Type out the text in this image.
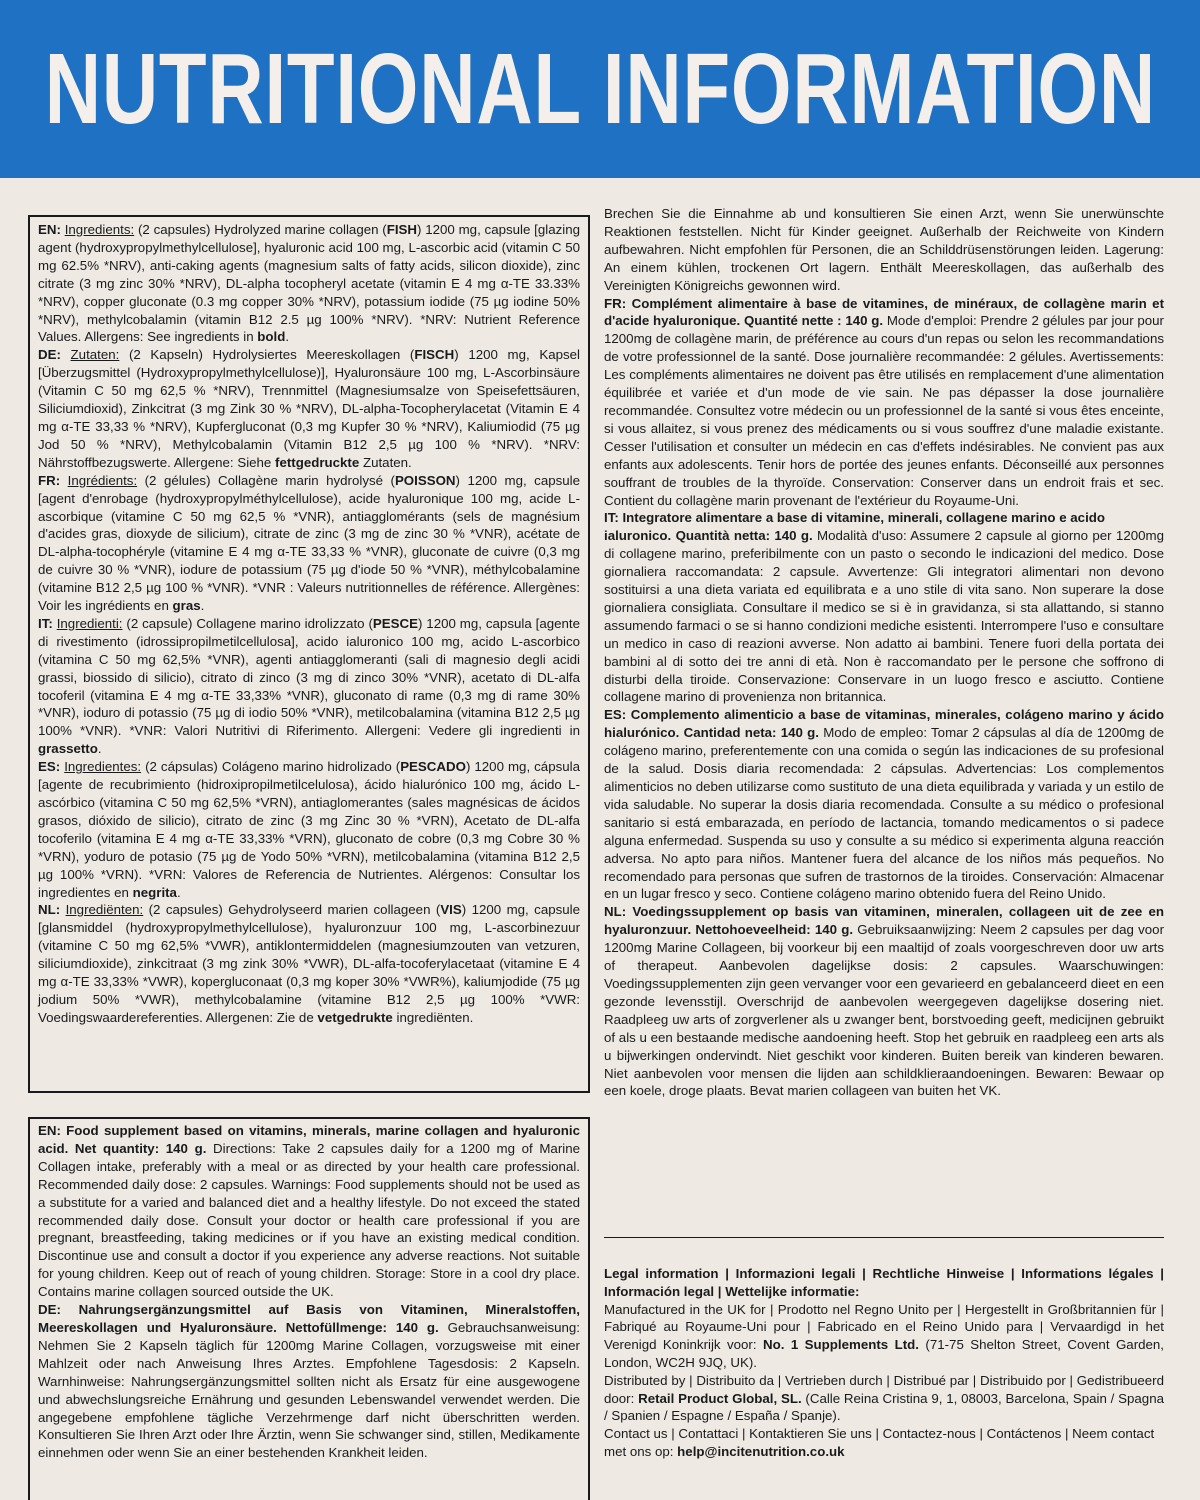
NUTRITIONAL INFORMATION

EN: Ingredients: (2 capsules) Hydrolyzed marine collagen (FISH) 1200 mg, capsule [glazing agent (hydroxypropylmethylcellulose], hyaluronic acid 100 mg, L-ascorbic acid (vitamin C 50 mg 62.5% *NRV), anti-caking agents (magnesium salts of fatty acids, silicon dioxide), zinc citrate (3 mg zinc 30% *NRV), DL-alpha tocopheryl acetate (vitamin E 4 mg α-TE 33.33% *NRV), copper gluconate (0.3 mg copper 30% *NRV), potassium iodide (75 µg iodine 50% *NRV), methylcobalamin (vitamin B12 2.5 µg 100% *NRV). *NRV: Nutrient Reference Values. Allergens: See ingredients in bold.

DE: Zutaten: (2 Kapseln) Hydrolysiertes Meereskollagen (FISCH) 1200 mg, Kapsel [Überzugsmittel (Hydroxypropylmethylcellulose)], Hyaluronsäure 100 mg, L-Ascorbinsäure (Vitamin C 50 mg 62,5 % *NRV), Trennmittel (Magnesiumsalze von Speisefettsäuren, Siliciumdioxid), Zinkcitrat (3 mg Zink 30 % *NRV), DL-alpha-Tocopherylacetat (Vitamin E 4 mg α-TE 33,33 % *NRV), Kupfergluconat (0,3 mg Kupfer 30 % *NRV), Kaliumiodid (75 µg Jod 50 % *NRV), Methylcobalamin (Vitamin B12 2,5 µg 100 % *NRV). *NRV: Nährstoffbezugswerte. Allergene: Siehe fettgedruckte Zutaten.

FR: Ingrédients: (2 gélules) Collagène marin hydrolysé (POISSON) 1200 mg, capsule [agent d'enrobage (hydroxypropylméthylcellulose), acide hyaluronique 100 mg, acide L-ascorbique (vitamine C 50 mg 62,5 % *VNR), antiagglomérants (sels de magnésium d'acides gras, dioxyde de silicium), citrate de zinc (3 mg de zinc 30 % *VNR), acétate de DL-alpha-tocophéryle (vitamine E 4 mg α-TE 33,33 % *VNR), gluconate de cuivre (0,3 mg de cuivre 30 % *VNR), iodure de potassium (75 µg d'iode 50 % *VNR), méthylcobalamine (vitamine B12 2,5 µg 100 % *VNR). *VNR : Valeurs nutritionnelles de référence. Allergènes: Voir les ingrédients en gras.

IT: Ingredienti: (2 capsule) Collagene marino idrolizzato (PESCE) 1200 mg, capsula [agente di rivestimento (idrossipropilmetilcellulosa], acido ialuronico 100 mg, acido L-ascorbico (vitamina C 50 mg 62,5% *VNR), agenti antiagglomeranti (sali di magnesio degli acidi grassi, biossido di silicio), citrato di zinco (3 mg di zinco 30% *VNR), acetato di DL-alfa tocoferil (vitamina E 4 mg α-TE 33,33% *VNR), gluconato di rame (0,3 mg di rame 30% *VNR), ioduro di potassio (75 µg di iodio 50% *VNR), metilcobalamina (vitamina B12 2,5 µg 100% *VNR). *VNR: Valori Nutritivi di Riferimento. Allergeni: Vedere gli ingredienti in grassetto.

ES: Ingredientes: (2 cápsulas) Colágeno marino hidrolizado (PESCADO) 1200 mg, cápsula [agente de recubrimiento (hidroxipropilmetilcelulosa), ácido hialurónico 100 mg, ácido L-ascórbico (vitamina C 50 mg 62,5% *VRN), antiaglomerantes (sales magnésicas de ácidos grasos, dióxido de silicio), citrato de zinc (3 mg Zinc 30 % *VRN), Acetato de DL-alfa tocoferilo (vitamina E 4 mg α-TE 33,33% *VRN), gluconato de cobre (0,3 mg Cobre 30 % *VRN), yoduro de potasio (75 µg de Yodo 50% *VRN), metilcobalamina (vitamina B12 2,5 µg 100% *VRN). *VRN: Valores de Referencia de Nutrientes. Alérgenos: Consultar los ingredientes en negrita.

NL: Ingrediënten: (2 capsules) Gehydrolyseerd marien collageen (VIS) 1200 mg, capsule [glansmiddel (hydroxypropylmethylcellulose), hyaluronzuur 100 mg, L-ascorbinezuur (vitamine C 50 mg 62,5% *VWR), antiklontermiddelen (magnesiumzouten van vetzuren, siliciumdioxide), zinkcitraat (3 mg zink 30% *VWR), DL-alfa-tocoferylacetaat (vitamine E 4 mg α-TE 33,33% *VWR), kopergluconaat (0,3 mg koper 30% *VWR%), kaliumjodide (75 µg jodium 50% *VWR), methylcobalamine (vitamine B12 2,5 µg 100% *VWR: Voedingswaardereferenties. Allergenen: Zie de vetgedrukte ingrediënten.

EN: Food supplement based on vitamins, minerals, marine collagen and hyaluronic acid. Net quantity: 140 g. Directions: Take 2 capsules daily for a 1200 mg of Marine Collagen intake, preferably with a meal or as directed by your health care professional. Recommended daily dose: 2 capsules. Warnings: Food supplements should not be used as a substitute for a varied and balanced diet and a healthy lifestyle. Do not exceed the stated recommended daily dose. Consult your doctor or health care professional if you are pregnant, breastfeeding, taking medicines or if you have an existing medical condition. Discontinue use and consult a doctor if you experience any adverse reactions. Not suitable for young children. Keep out of reach of young children. Storage: Store in a cool dry place. Contains marine collagen sourced outside the UK.

DE: Nahrungsergänzungsmittel auf Basis von Vitaminen, Mineralstoffen, Meereskollagen und Hyaluronsäure. Nettofüllmenge: 140 g. Gebrauchsanweisung: Nehmen Sie 2 Kapseln täglich für 1200mg Marine Collagen, vorzugsweise mit einer Mahlzeit oder nach Anweisung Ihres Arztes. Empfohlene Tagesdosis: 2 Kapseln. Warnhinweise: Nahrungsergänzungsmittel sollten nicht als Ersatz für eine ausgewogene und abwechslungsreiche Ernährung und gesunden Lebenswandel verwendet werden. Die angegebene empfohlene tägliche Verzehrmenge darf nicht überschritten werden. Konsultieren Sie Ihren Arzt oder Ihre Ärztin, wenn Sie schwanger sind, stillen, Medikamente einnehmen oder wenn Sie an einer bestehenden Krankheit leiden.

Brechen Sie die Einnahme ab und konsultieren Sie einen Arzt, wenn Sie unerwünschte Reaktionen feststellen. Nicht für Kinder geeignet. Außerhalb der Reichweite von Kindern aufbewahren. Nicht empfohlen für Personen, die an Schilddrüsenstörungen leiden. Lagerung: An einem kühlen, trockenen Ort lagern. Enthält Meereskollagen, das außerhalb des Vereinigten Königreichs gewonnen wird.

FR: Complément alimentaire à base de vitamines, de minéraux, de collagène marin et d'acide hyaluronique. Quantité nette : 140 g. Mode d'emploi: Prendre 2 gélules par jour pour 1200mg de collagène marin, de préférence au cours d'un repas ou selon les recommandations de votre professionnel de la santé. Dose journalière recommandée: 2 gélules. Avertissements: Les compléments alimentaires ne doivent pas être utilisés en remplacement d'une alimentation équilibrée et variée et d'un mode de vie sain. Ne pas dépasser la dose journalière recommandée. Consultez votre médecin ou un professionnel de la santé si vous êtes enceinte, si vous allaitez, si vous prenez des médicaments ou si vous souffrez d'une maladie existante. Cesser l'utilisation et consulter un médecin en cas d'effets indésirables. Ne convient pas aux enfants aux adolescents. Tenir hors de portée des jeunes enfants. Déconseillé aux personnes souffrant de troubles de la thyroïde. Conservation: Conserver dans un endroit frais et sec. Contient du collagène marin provenant de l'extérieur du Royaume-Uni.

IT: Integratore alimentare a base di vitamine, minerali, collagene marino e acido

ialuronico. Quantità netta: 140 g. Modalità d'uso: Assumere 2 capsule al giorno per 1200mg di collagene marino, preferibilmente con un pasto o secondo le indicazioni del medico. Dose giornaliera raccomandata: 2 capsule. Avvertenze: Gli integratori alimentari non devono sostituirsi a una dieta variata ed equilibrata e a uno stile di vita sano. Non superare la dose giornaliera consigliata. Consultare il medico se si è in gravidanza, si sta allattando, si stanno assumendo farmaci o se si hanno condizioni mediche esistenti. Interrompere l'uso e consultare un medico in caso di reazioni avverse. Non adatto ai bambini. Tenere fuori della portata dei bambini al di sotto dei tre anni di età. Non è raccomandato per le persone che soffrono di disturbi della tiroide. Conservazione: Conservare in un luogo fresco e asciutto. Contiene collagene marino di provenienza non britannica.

ES: Complemento alimenticio a base de vitaminas, minerales, colágeno marino y ácido hialurónico. Cantidad neta: 140 g. Modo de empleo: Tomar 2 cápsulas al día de 1200mg de colágeno marino, preferentemente con una comida o según las indicaciones de su profesional de la salud. Dosis diaria recomendada: 2 cápsulas. Advertencias: Los complementos alimenticios no deben utilizarse como sustituto de una dieta equilibrada y variada y un estilo de vida saludable. No superar la dosis diaria recomendada. Consulte a su médico o profesional sanitario si está embarazada, en período de lactancia, tomando medicamentos o si padece alguna enfermedad. Suspenda su uso y consulte a su médico si experimenta alguna reacción adversa. No apto para niños. Mantener fuera del alcance de los niños más pequeños. No recomendado para personas que sufren de trastornos de la tiroides. Conservación: Almacenar en un lugar fresco y seco. Contiene colágeno marino obtenido fuera del Reino Unido.

NL: Voedingssupplement op basis van vitaminen, mineralen, collageen uit de zee en hyaluronzuur. Nettohoeveelheid: 140 g. Gebruiksaanwijzing: Neem 2 capsules per dag voor 1200mg Marine Collageen, bij voorkeur bij een maaltijd of zoals voorgeschreven door uw arts of therapeut. Aanbevolen dagelijkse dosis: 2 capsules. Waarschuwingen: Voedingssupplementen zijn geen vervanger voor een gevarieerd en gebalanceerd dieet en een gezonde levensstijl. Overschrijd de aanbevolen weergegeven dagelijkse dosering niet. Raadpleeg uw arts of zorgverlener als u zwanger bent, borstvoeding geeft, medicijnen gebruikt of als u een bestaande medische aandoening heeft. Stop het gebruik en raadpleeg een arts als u bijwerkingen ondervindt. Niet geschikt voor kinderen. Buiten bereik van kinderen bewaren. Niet aanbevolen voor mensen die lijden aan schildklieraandoeningen. Bewaren: Bewaar op een koele, droge plaats. Bevat marien collageen van buiten het VK.

Legal information | Informazioni legali | Rechtliche Hinweise | Informations légales | Información legal | Wettelijke informatie:

Manufactured in the UK for | Prodotto nel Regno Unito per | Hergestellt in Großbritannien für | Fabriqué au Royaume-Uni pour | Fabricado en el Reino Unido para | Vervaardigd in het Verenigd Koninkrijk voor: No. 1 Supplements Ltd. (71-75 Shelton Street, Covent Garden, London, WC2H 9JQ, UK).

Distributed by | Distribuito da | Vertrieben durch | Distribué par | Distribuido por | Gedistribueerd door: Retail Product Global, SL. (Calle Reina Cristina 9, 1, 08003, Barcelona, Spain / Spagna / Spanien / Espagne / España / Spanje).

Contact us | Contattaci | Kontaktieren Sie uns | Contactez-nous | Contáctenos | Neem contact met ons op: help@incitenutrition.co.uk
